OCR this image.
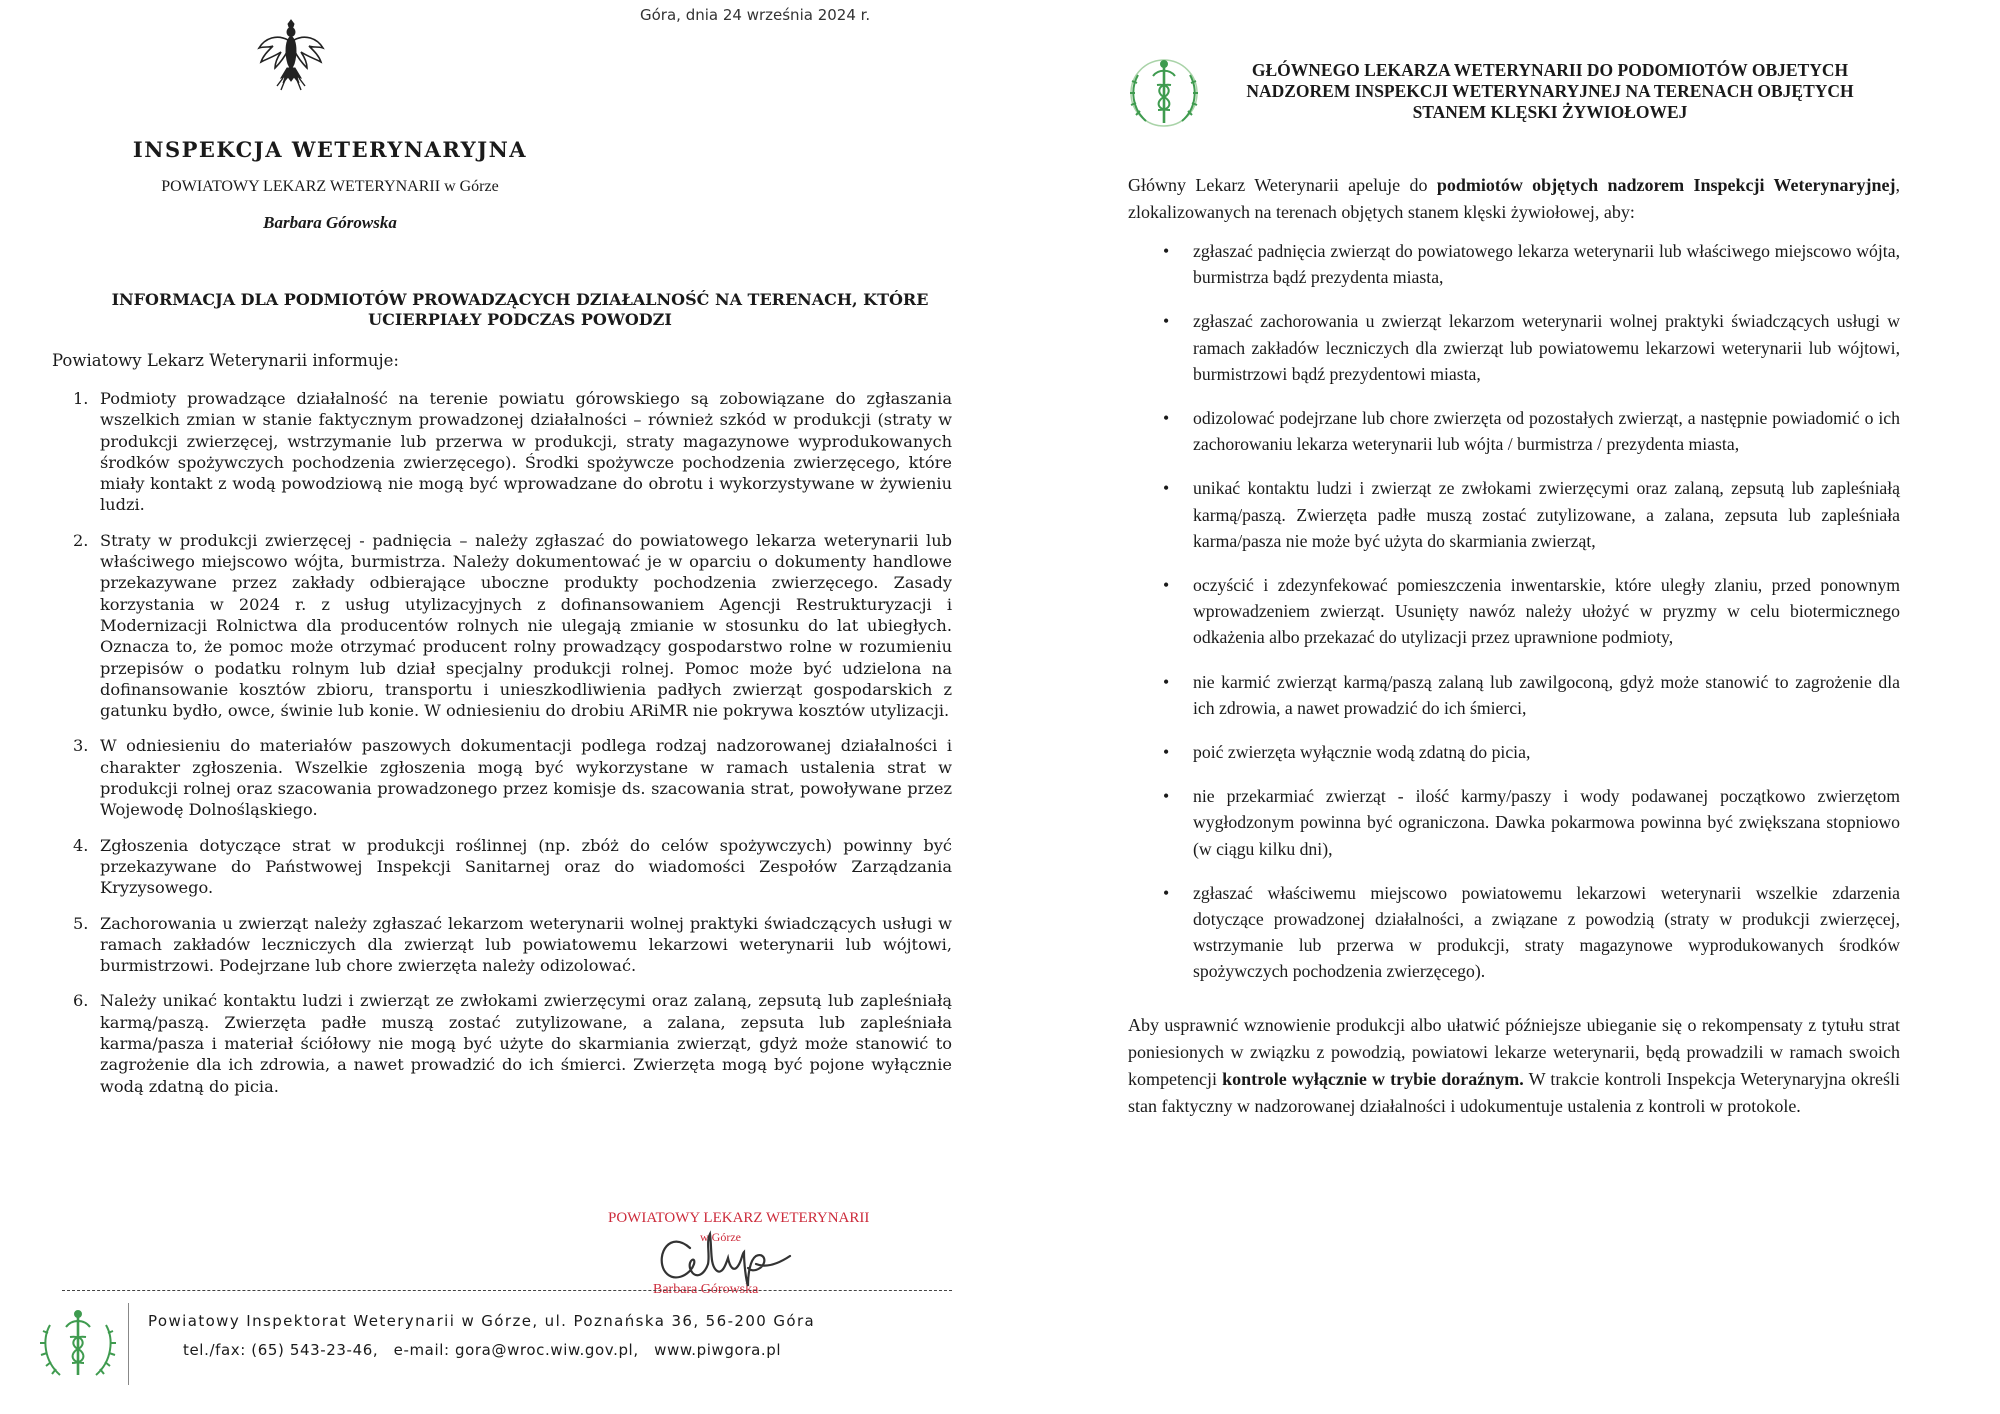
Góra, dnia 24 września 2024 r.
INSPEKCJA WETERYNARYJNA
POWIATOWY LEKARZ WETERYNARII w Górze
Barbara Górowska
INFORMACJA DLA PODMIOTÓW PROWADZĄCYCH DZIAŁALNOŚĆ NA TERENACH, KTÓRE
UCIERPIAŁY PODCZAS POWODZI
Powiatowy Lekarz Weterynarii informuje:
1. Podmioty prowadzące działalność na terenie powiatu górowskiego są zobowiązane do zgłaszania wszelkich zmian w stanie faktycznym prowadzonej działalności – również szkód w produkcji (straty w produkcji zwierzęcej, wstrzymanie lub przerwa w produkcji, straty magazynowe wyprodukowanych środków spożywczych pochodzenia zwierzęcego). Środki spożywcze pochodzenia zwierzęcego, które miały kontakt z wodą powodziową nie mogą być wprowadzane do obrotu i wykorzystywane w żywieniu ludzi.
2. Straty w produkcji zwierzęcej - padnięcia – należy zgłaszać do powiatowego lekarza weterynarii lub właściwego miejscowo wójta, burmistrza. Należy dokumentować je w oparciu o dokumenty handlowe przekazywane przez zakłady odbierające uboczne produkty pochodzenia zwierzęcego. Zasady korzystania w 2024 r. z usług utylizacyjnych z dofinansowaniem Agencji Restrukturyzacji i Modernizacji Rolnictwa dla producentów rolnych nie ulegają zmianie w stosunku do lat ubiegłych. Oznacza to, że pomoc może otrzymać producent rolny prowadzący gospodarstwo rolne w rozumieniu przepisów o podatku rolnym lub dział specjalny produkcji rolnej. Pomoc może być udzielona na dofinansowanie kosztów zbioru, transportu i unieszkodliwienia padłych zwierząt gospodarskich z gatunku bydło, owce, świnie lub konie. W odniesieniu do drobiu ARiMR nie pokrywa kosztów utylizacji.
3. W odniesieniu do materiałów paszowych dokumentacji podlega rodzaj nadzorowanej działalności i charakter zgłoszenia. Wszelkie zgłoszenia mogą być wykorzystane w ramach ustalenia strat w produkcji rolnej oraz szacowania prowadzonego przez komisje ds. szacowania strat, powoływane przez Wojewodę Dolnośląskiego.
4. Zgłoszenia dotyczące strat w produkcji roślinnej (np. zbóż do celów spożywczych) powinny być przekazywane do Państwowej Inspekcji Sanitarnej oraz do wiadomości Zespołów Zarządzania Kryzysowego.
5. Zachorowania u zwierząt należy zgłaszać lekarzom weterynarii wolnej praktyki świadczących usługi w ramach zakładów leczniczych dla zwierząt lub powiatowemu lekarzowi weterynarii lub wójtowi, burmistrzowi. Podejrzane lub chore zwierzęta należy odizolować.
6. Należy unikać kontaktu ludzi i zwierząt ze zwłokami zwierzęcymi oraz zalaną, zepsutą lub zapleśniałą karmą/paszą. Zwierzęta padłe muszą zostać zutylizowane, a zalana, zepsuta lub zapleśniała karma/pasza i materiał ściółowy nie mogą być użyte do skarmiania zwierząt, gdyż może stanowić to zagrożenie dla ich zdrowia, a nawet prowadzić do ich śmierci. Zwierzęta mogą być pojone wyłącznie wodą zdatną do picia.
POWIATOWY LEKARZ WETERYNARII
w Górze
Barbara Górowska
Powiatowy Inspektorat Weterynarii w Górze, ul. Poznańska 36, 56-200 Góra
tel./fax: (65) 543-23-46, e-mail: gora@wroc.wiw.gov.pl, www.piwgora.pl
GŁÓWNEGO LEKARZA WETERYNARII DO PODOMIOTÓW OBJETYCH
NADZOREM INSPEKCJI WETERYNARYJNEJ NA TERENACH OBJĘTYCH
STANEM KLĘSKI ŻYWIOŁOWEJ
Główny Lekarz Weterynarii apeluje do podmiotów objętych nadzorem Inspekcji Weterynaryjnej, zlokalizowanych na terenach objętych stanem klęski żywiołowej, aby:
• zgłaszać padnięcia zwierząt do powiatowego lekarza weterynarii lub właściwego miejscowo wójta, burmistrza bądź prezydenta miasta,
• zgłaszać zachorowania u zwierząt lekarzom weterynarii wolnej praktyki świadczących usługi w ramach zakładów leczniczych dla zwierząt lub powiatowemu lekarzowi weterynarii lub wójtowi, burmistrzowi bądź prezydentowi miasta,
• odizolować podejrzane lub chore zwierzęta od pozostałych zwierząt, a następnie powiadomić o ich zachorowaniu lekarza weterynarii lub wójta / burmistrza / prezydenta miasta,
• unikać kontaktu ludzi i zwierząt ze zwłokami zwierzęcymi oraz zalaną, zepsutą lub zapleśniałą karmą/paszą. Zwierzęta padłe muszą zostać zutylizowane, a zalana, zepsuta lub zapleśniała karma/pasza nie może być użyta do skarmiania zwierząt,
• oczyścić i zdezynfekować pomieszczenia inwentarskie, które uległy zlaniu, przed ponownym wprowadzeniem zwierząt. Usunięty nawóz należy ułożyć w pryzmy w celu biotermicznego odkażenia albo przekazać do utylizacji przez uprawnione podmioty,
• nie karmić zwierząt karmą/paszą zalaną lub zawilgoconą, gdyż może stanowić to zagrożenie dla ich zdrowia, a nawet prowadzić do ich śmierci,
• poić zwierzęta wyłącznie wodą zdatną do picia,
• nie przekarmiać zwierząt - ilość karmy/paszy i wody podawanej początkowo zwierzętom wygłodzonym powinna być ograniczona. Dawka pokarmowa powinna być zwiększana stopniowo (w ciągu kilku dni),
• zgłaszać właściwemu miejscowo powiatowemu lekarzowi weterynarii wszelkie zdarzenia dotyczące prowadzonej działalności, a związane z powodzią (straty w produkcji zwierzęcej, wstrzymanie lub przerwa w produkcji, straty magazynowe wyprodukowanych środków spożywczych pochodzenia zwierzęcego).
Aby usprawnić wznowienie produkcji albo ułatwić późniejsze ubieganie się o rekompensaty z tytułu strat poniesionych w związku z powodzią, powiatowi lekarze weterynarii, będą prowadzili w ramach swoich kompetencji kontrole wyłącznie w trybie doraźnym. W trakcie kontroli Inspekcja Weterynaryjna określi stan faktyczny w nadzorowanej działalności i udokumentuje ustalenia z kontroli w protokole.
